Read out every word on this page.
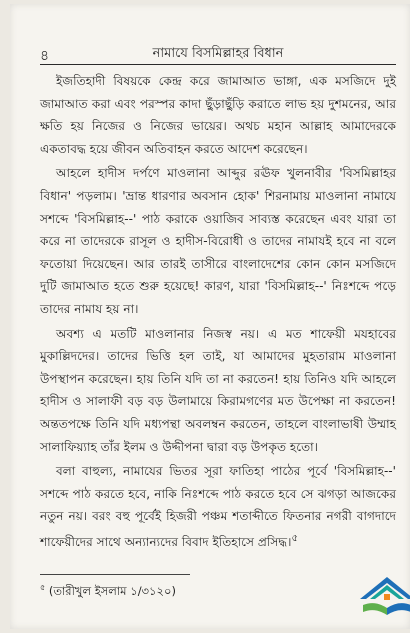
৪	নামাযে বিসমিল্লাহর বিধান

ইজতিহাদী বিষয়কে কেন্দ্র করে জামাআত ভাঙ্গা, এক মসজিদে দুই জামাআত করা এবং পরস্পর কাদা ছুঁড়াছুঁড়ি করাতে লাভ হয় দুশমনের, আর ক্ষতি হয় নিজের ও নিজের ভায়ের। অথচ মহান আল্লাহ আমাদেরকে একতাবদ্ধ হয়ে জীবন অতিবাহন করতে আদেশ করেছেন।

আহলে হাদীস দর্পণে মাওলানা আব্দুর রঊফ খুলনাবীর 'বিসমিল্লাহর বিধান' পড়লাম। 'ভ্রান্ত ধারণার অবসান হোক' শিরনামায় মাওলানা নামাযে সশব্দে 'বিসমিল্লাহ--' পাঠ করাকে ওয়াজিব সাব্যস্ত করেছেন এবং যারা তা করে না তাদেরকে রাসূল ও হাদীস-বিরোধী ও তাদের নামাযই হবে না বলে ফতোয়া দিয়েছেন। আর তারই তাসীরে বাংলাদেশের কোন কোন মসজিদে দুটি জামাআত হতে শুরু হয়েছে! কারণ, যারা 'বিসমিল্লাহ--' নিঃশব্দে পড়ে তাদের নামায হয় না।

অবশ্য এ মতটি মাওলানার নিজস্ব নয়। এ মত শাফেয়ী মযহাবের মুকাল্লিদদের। তাদের ভিত্তি হল তাই, যা আমাদের মুহতারাম মাওলানা উপস্থাপন করেছেন। হায় তিনি যদি তা না করতেন! হায় তিনিও যদি আহলে হাদীস ও সালাফী বড় বড় উলামায়ে কিরামগণের মত উপেক্ষা না করতেন! অন্ততপক্ষে তিনি যদি মধ্যপন্থা অবলম্বন করতেন, তাহলে বাংলাভাষী উম্মাহ সালাফিয়্যাহ তাঁর ইলম ও উদ্দীপনা দ্বারা বড় উপকৃত হতো।

বলা বাহুল্য, নামাযের ভিতর সূরা ফাতিহা পাঠের পূর্বে 'বিসমিল্লাহ--' সশব্দে পাঠ করতে হবে, নাকি নিঃশব্দে পাঠ করতে হবে সে ঝগড়া আজকের নতুন নয়। বরং বহু পূর্বেই হিজরী পঞ্চম শতাব্দীতে ফিতনার নগরী বাগদাদে শাফেয়ীদের সাথে অন্যান্যদের বিবাদ ইতিহাসে প্রসিদ্ধ।$^৫$

$^৫$ (তারীখুল ইসলাম ১/৩১২০)
